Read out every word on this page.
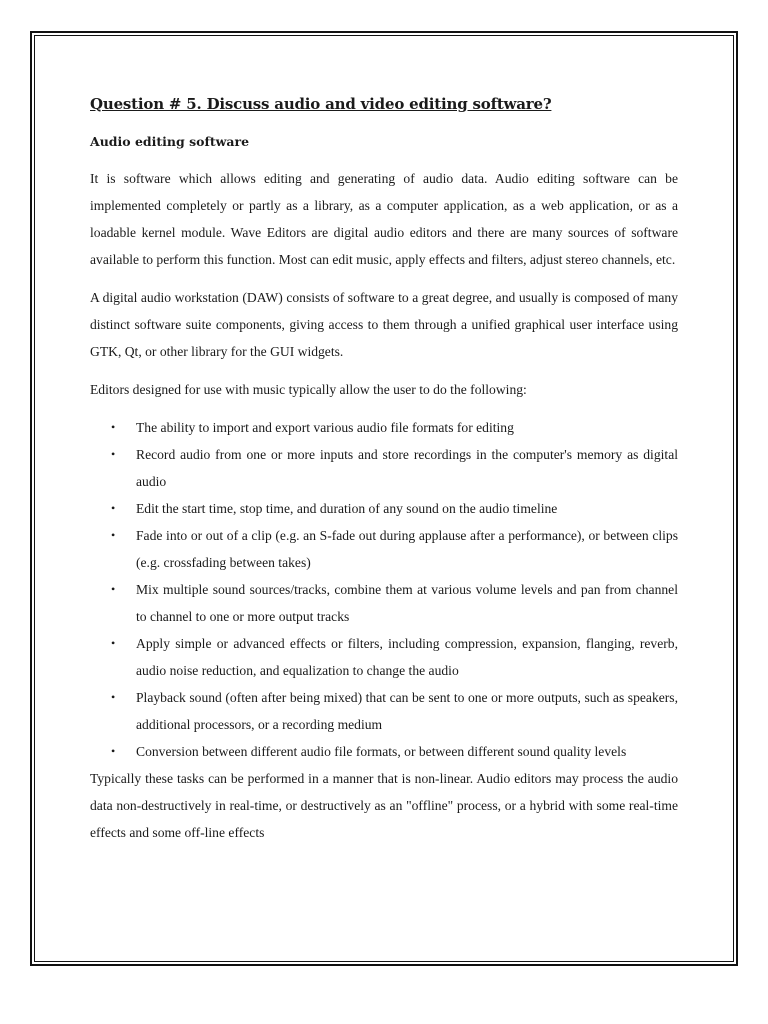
Question # 5. Discuss audio and video editing software?
Audio editing software

It is software which allows editing and generating of audio data. Audio editing software can be implemented completely or partly as a library, as a computer application, as a web application, or as a loadable kernel module. Wave Editors are digital audio editors and there are many sources of software available to perform this function. Most can edit music, apply effects and filters, adjust stereo channels, etc.

A digital audio workstation (DAW) consists of software to a great degree, and usually is composed of many distinct software suite components, giving access to them through a unified graphical user interface using GTK, Qt, or other library for the GUI widgets.

Editors designed for use with music typically allow the user to do the following:

• The ability to import and export various audio file formats for editing
• Record audio from one or more inputs and store recordings in the computer's memory as digital audio
• Edit the start time, stop time, and duration of any sound on the audio timeline
• Fade into or out of a clip (e.g. an S-fade out during applause after a performance), or between clips (e.g. crossfading between takes)
• Mix multiple sound sources/tracks, combine them at various volume levels and pan from channel to channel to one or more output tracks
• Apply simple or advanced effects or filters, including compression, expansion, flanging, reverb, audio noise reduction, and equalization to change the audio
• Playback sound (often after being mixed) that can be sent to one or more outputs, such as speakers, additional processors, or a recording medium
• Conversion between different audio file formats, or between different sound quality levels

Typically these tasks can be performed in a manner that is non-linear. Audio editors may process the audio data non-destructively in real-time, or destructively as an "offline" process, or a hybrid with some real-time effects and some off-line effects
